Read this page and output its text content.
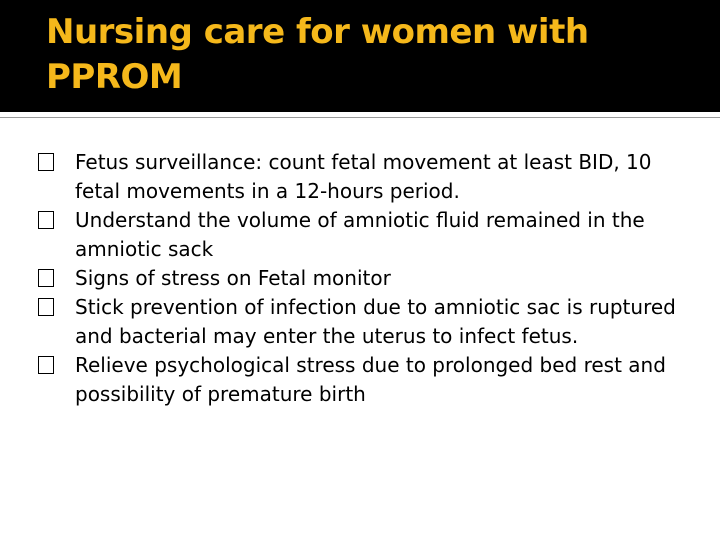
Nursing care for women with PPROM
Fetus surveillance: count fetal movement at least BID, 10 fetal movements in a 12-hours period.
Understand the volume of amniotic fluid remained in the amniotic sack
Signs of stress on Fetal monitor
Stick prevention of infection due to amniotic sac is ruptured and bacterial may enter the uterus to infect fetus.
Relieve psychological stress due to prolonged bed rest and possibility of premature birth
